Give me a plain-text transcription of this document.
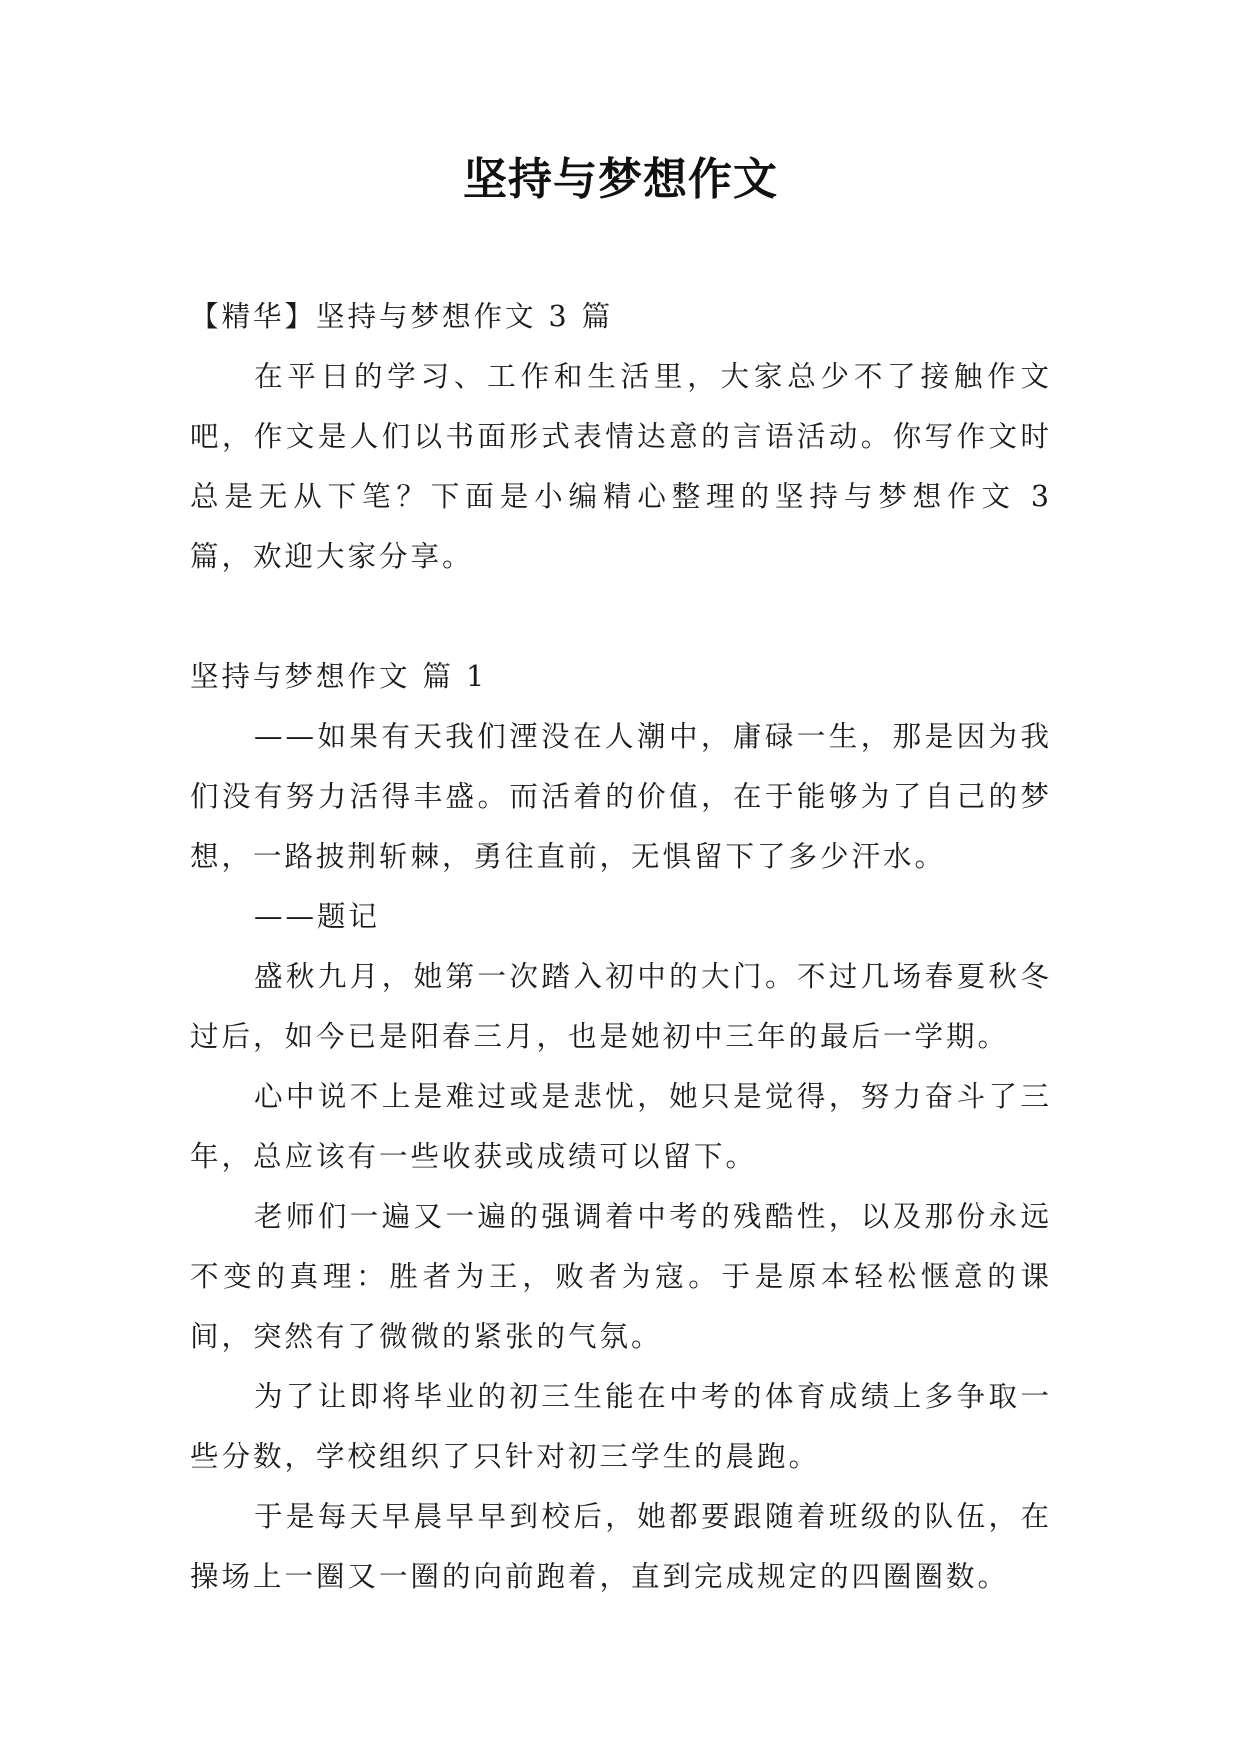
坚持与梦想作文

【精华】坚持与梦想作文 3 篇

在平日的学习、工作和生活里，大家总少不了接触作文吧，作文是人们以书面形式表情达意的言语活动。你写作文时总是无从下笔？下面是小编精心整理的坚持与梦想作文 3 篇，欢迎大家分享。

坚持与梦想作文 篇 1

——如果有天我们湮没在人潮中，庸碌一生，那是因为我们没有努力活得丰盛。而活着的价值，在于能够为了自己的梦想，一路披荆斩棘，勇往直前，无惧留下了多少汗水。

——题记

盛秋九月，她第一次踏入初中的大门。不过几场春夏秋冬过后，如今已是阳春三月，也是她初中三年的最后一学期。

心中说不上是难过或是悲忧，她只是觉得，努力奋斗了三年，总应该有一些收获或成绩可以留下。

老师们一遍又一遍的强调着中考的残酷性，以及那份永远不变的真理：胜者为王，败者为寇。于是原本轻松惬意的课间，突然有了微微的紧张的气氛。

为了让即将毕业的初三生能在中考的体育成绩上多争取一些分数，学校组织了只针对初三学生的晨跑。

于是每天早晨早早到校后，她都要跟随着班级的队伍，在操场上一圈又一圈的向前跑着，直到完成规定的四圈圈数。
